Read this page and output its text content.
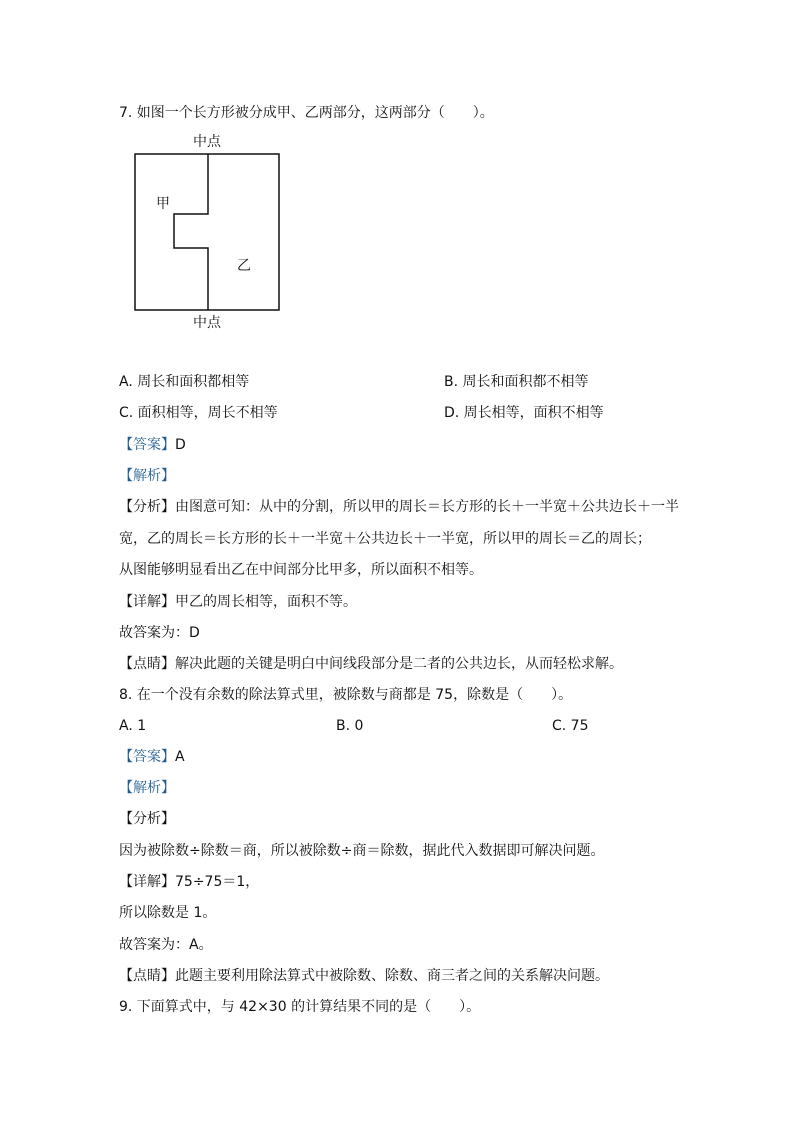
7. 如图一个长方形被分成甲、乙两部分，这两部分（　　）。
中点
中点
甲
乙
A. 周长和面积都相等	B. 周长和面积都不相等
C. 面积相等，周长不相等	D. 周长相等，面积不相等
【答案】D
【解析】
【分析】由图意可知：从中的分割，所以甲的周长＝长方形的长＋一半宽＋公共边长＋一半
宽，乙的周长＝长方形的长＋一半宽＋公共边长＋一半宽，所以甲的周长＝乙的周长；
从图能够明显看出乙在中间部分比甲多，所以面积不相等。
【详解】甲乙的周长相等，面积不等。
故答案为：D
【点睛】解决此题的关键是明白中间线段部分是二者的公共边长，从而轻松求解。
8. 在一个没有余数的除法算式里，被除数与商都是 75，除数是（　　）。
A. 1	B. 0	C. 75
【答案】A
【解析】
【分析】
因为被除数÷除数＝商，所以被除数÷商＝除数，据此代入数据即可解决问题。
【详解】75÷75＝1，
所以除数是 1。
故答案为：A。
【点睛】此题主要利用除法算式中被除数、除数、商三者之间的关系解决问题。
9. 下面算式中，与 42×30 的计算结果不同的是（　　）。
